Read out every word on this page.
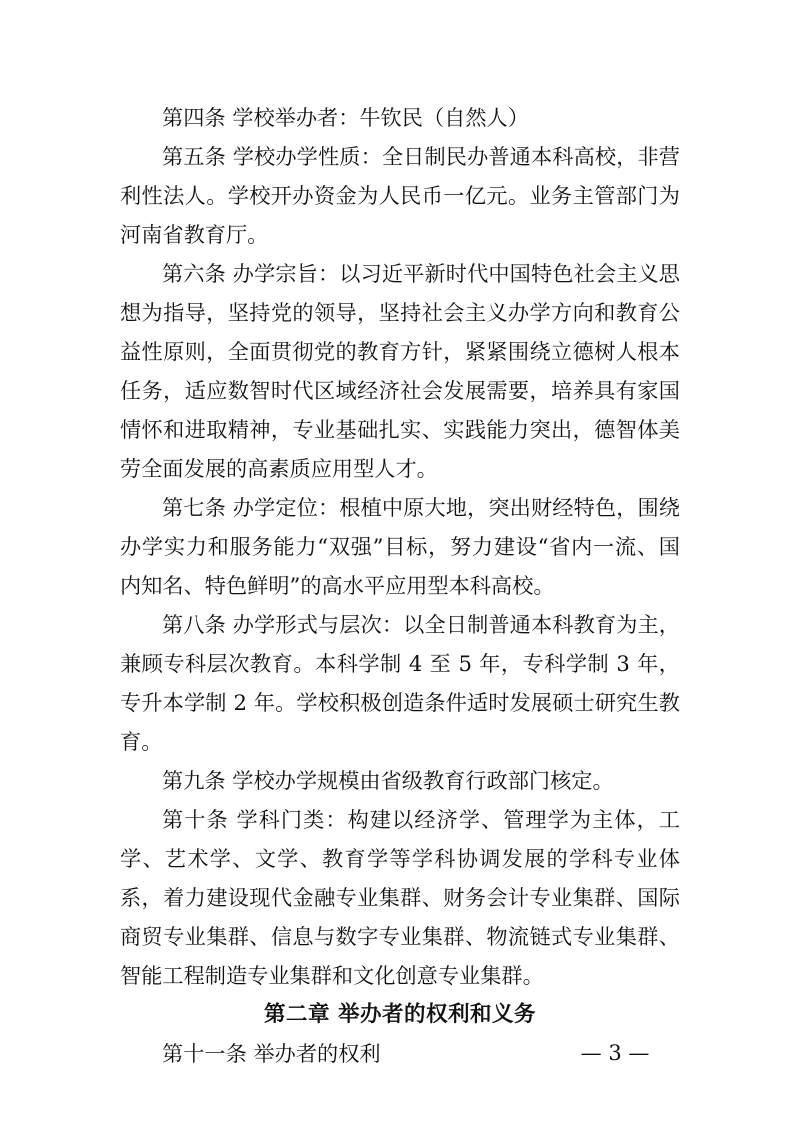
第四条 学校举办者：牛钦民（自然人）

第五条 学校办学性质：全日制民办普通本科高校，非营利性法人。学校开办资金为人民币一亿元。业务主管部门为河南省教育厅。

第六条 办学宗旨：以习近平新时代中国特色社会主义思想为指导，坚持党的领导，坚持社会主义办学方向和教育公益性原则，全面贯彻党的教育方针，紧紧围绕立德树人根本任务，适应数智时代区域经济社会发展需要，培养具有家国情怀和进取精神，专业基础扎实、实践能力突出，德智体美劳全面发展的高素质应用型人才。

第七条 办学定位：根植中原大地，突出财经特色，围绕办学实力和服务能力“双强”目标，努力建设“省内一流、国内知名、特色鲜明”的高水平应用型本科高校。

第八条 办学形式与层次：以全日制普通本科教育为主，兼顾专科层次教育。本科学制 4 至 5 年，专科学制 3 年，专升本学制 2 年。学校积极创造条件适时发展硕士研究生教育。

第九条 学校办学规模由省级教育行政部门核定。

第十条 学科门类：构建以经济学、管理学为主体，工学、艺术学、文学、教育学等学科协调发展的学科专业体系，着力建设现代金融专业集群、财务会计专业集群、国际商贸专业集群、信息与数字专业集群、物流链式专业集群、智能工程制造专业集群和文化创意专业集群。

第二章 举办者的权利和义务

第十一条 举办者的权利	— 3 —
